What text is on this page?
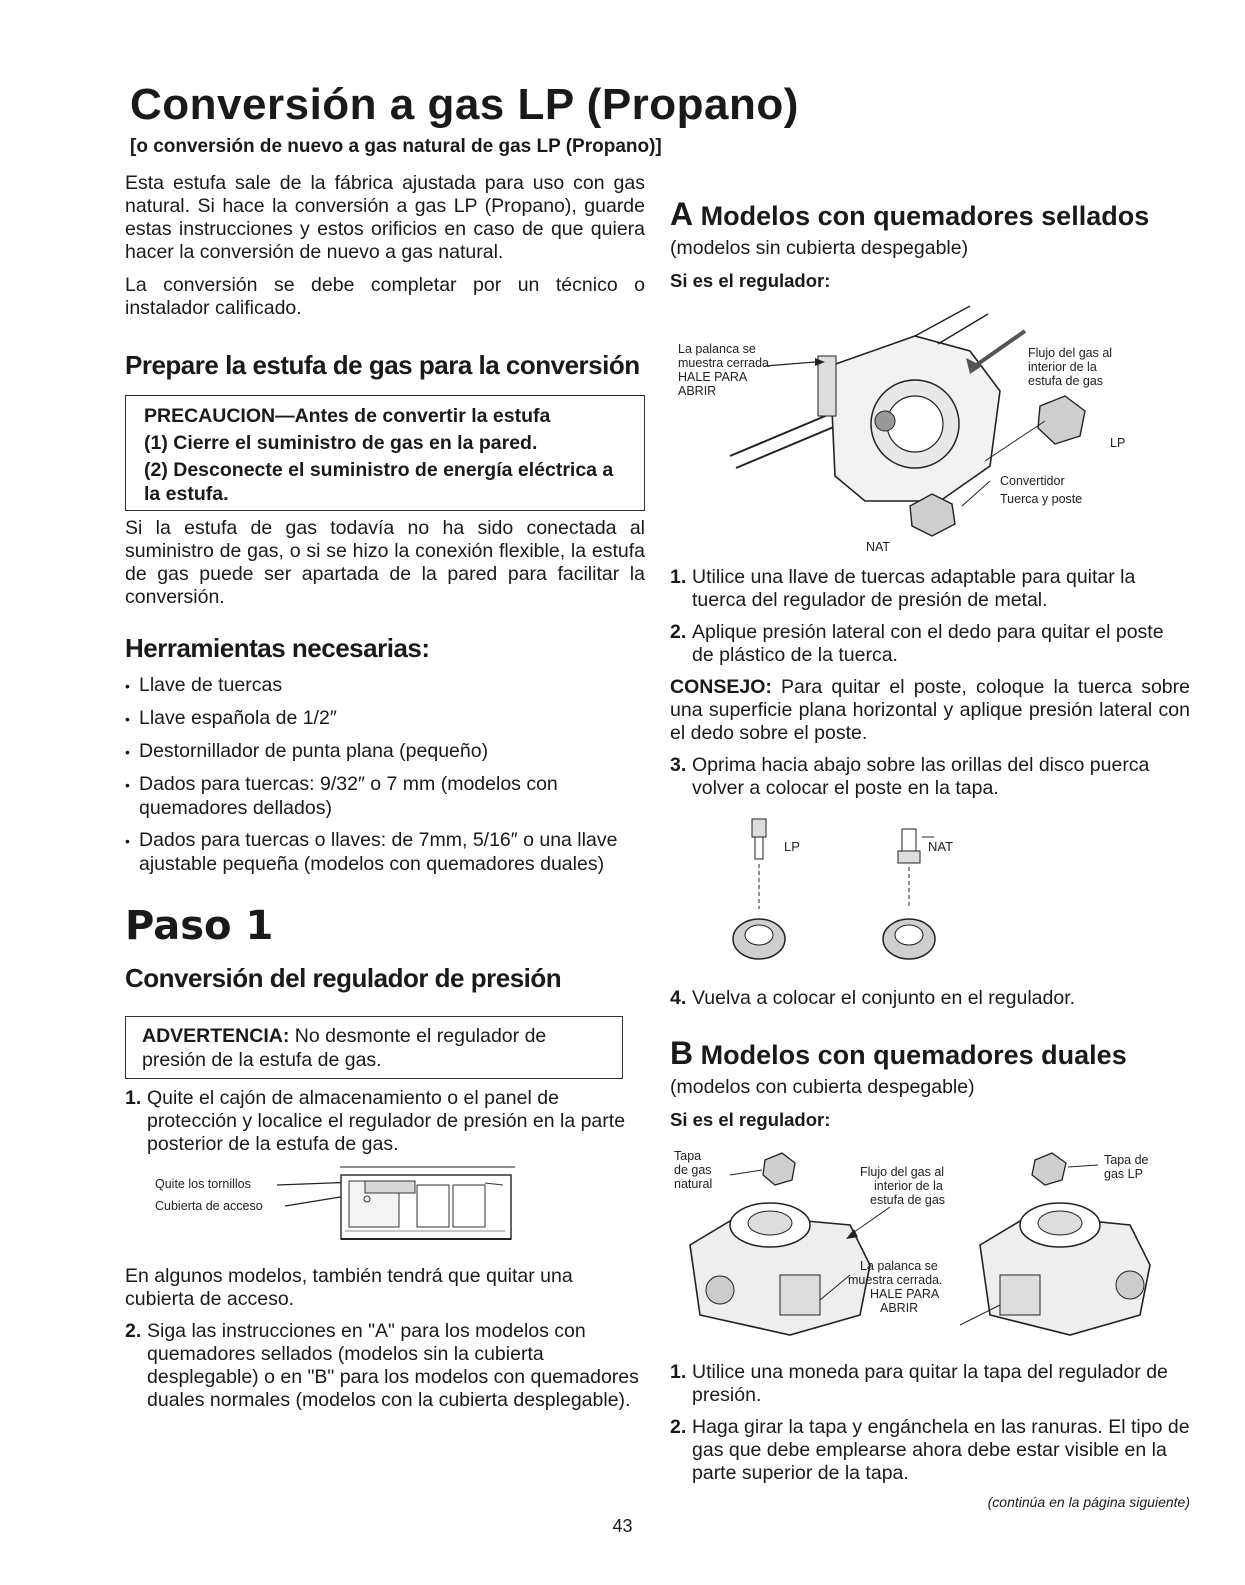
Conversión a gas LP (Propano)
[o conversión de nuevo a gas natural de gas LP (Propano)]

Esta estufa sale de la fábrica ajustada para uso con gas natural. Si hace la conversión a gas LP (Propano), guarde estas instrucciones y estos orificios en caso de que quiera hacer la conversión de nuevo a gas natural.

La conversión se debe completar por un técnico o instalador calificado.

Prepare la estufa de gas para la conversión

PRECAUCION—Antes de convertir la estufa

(1) Cierre el suministro de gas en la pared.

(2) Desconecte el suministro de energía eléctrica a la estufa.

Si la estufa de gas todavía no ha sido conectada al suministro de gas, o si se hizo la conexión flexible, la estufa de gas puede ser apartada de la pared para facilitar la conversión.

Herramientas necesarias:
• Llave de tuercas
• Llave española de 1/2″
• Destornillador de punta plana (pequeño)
• Dados para tuercas: 9/32″ o 7 mm (modelos con quemadores dellados)
• Dados para tuercas o llaves: de 7mm, 5/16″ o una llave ajustable pequeña (modelos con quemadores duales)
Paso 1
Conversión del regulador de presión

ADVERTENCIA: No desmonte el regulador de presión de la estufa de gas.

1. Quite el cajón de almacenamiento o el panel de protección y localice el regulador de presión en la parte posterior de la estufa de gas.
Quite los tornillos
Cubierta de acceso

En algunos modelos, también tendrá que quitar una cubierta de acceso.

2. Siga las instrucciones en "A" para los modelos con quemadores sellados (modelos sin la cubierta desplegable) o en "B" para los modelos con quemadores duales normales (modelos con la cubierta desplegable).
A Modelos con quemadores sellados

(modelos sin cubierta despegable)

Si es el regulador:

La palanca se
muestra cerrada
HALE PARA
ABRIR
Flujo del gas al
interior de la
estufa de gas
LP
Convertidor
Tuerca y poste
NAT
1. Utilice una llave de tuercas adaptable para quitar la tuerca del regulador de presión de metal.
2. Aplique presión lateral con el dedo para quitar el poste de plástico de la tuerca.

CONSEJO: Para quitar el poste, coloque la tuerca sobre una superficie plana horizontal y aplique presión lateral con el dedo sobre el poste.

3. Oprima hacia abajo sobre las orillas del disco puerca volver a colocar el poste en la tapa.
LP	NAT
4. Vuelva a colocar el conjunto en el regulador.
B Modelos con quemadores duales

(modelos con cubierta despegable)

Si es el regulador:

Tapa
de gas
natural
Flujo del gas al
interior de la
estufa de gas
Tapa de
gas LP
La palanca se
muestra cerrada.
HALE PARA
ABRIR
1. Utilice una moneda para quitar la tapa del regulador de presión.
2. Haga girar la tapa y engánchela en las ranuras. El tipo de gas que debe emplearse ahora debe estar visible en la parte superior de la tapa.

(continúa en la página siguiente)

43
